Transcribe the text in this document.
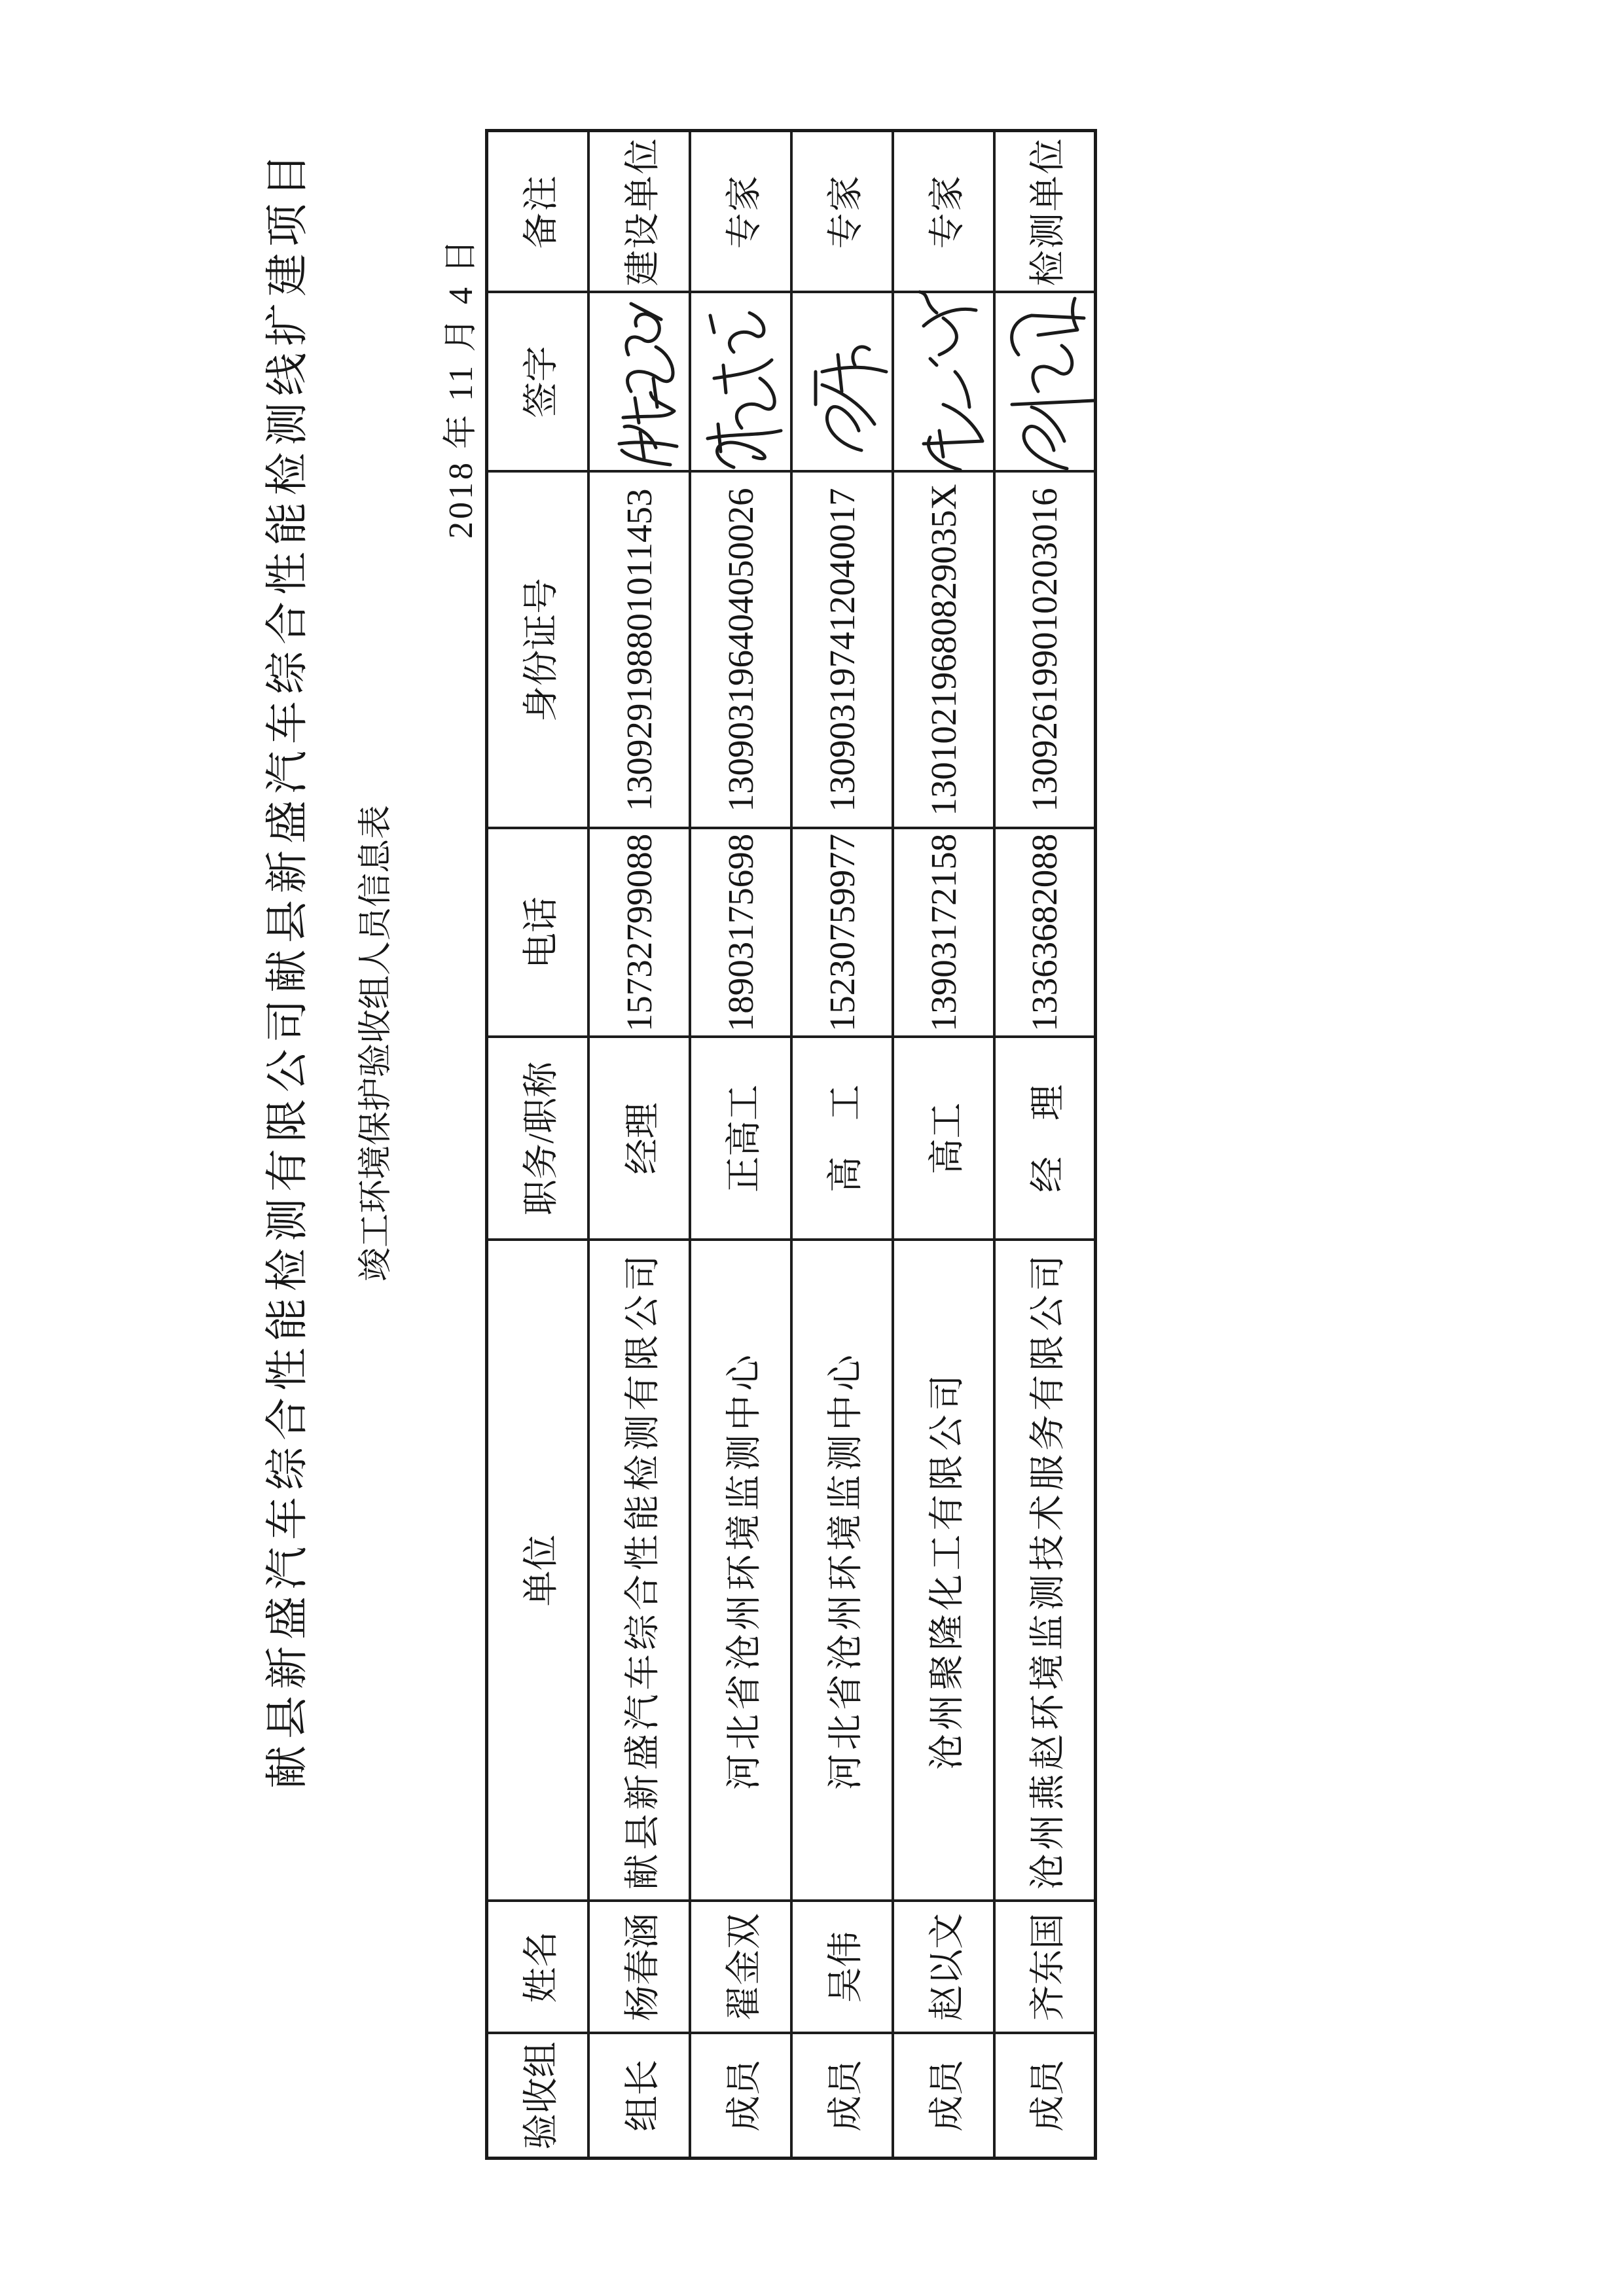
献县新盛汽车综合性能检测有限公司献县新盛汽车综合性能检测线扩建项目 竣工环境保护验收组人员信息表
2018 年 11 月 4 日
验收组	姓名	单位	职务/职称	电话	身份证号	签字	备注
组长	杨春涵	献县新盛汽车综合性能检测有限公司	经理	15732799088	130929198801011453		建设单位
成员	翟金双	河北省沧州环境监测中心	正高工	18903175698	130903196404050026		专家
成员	吴伟	河北省沧州环境监测中心	高　工	15230759977	130903197412040017		专家
成员	赵以文	沧州聚隆化工有限公司	高工	13903172158	13010219680829035X		专家
成员	齐东国	沧州燕赵环境监测技术服务有限公司	经　理	13363682088	130926199010203016		检测单位
